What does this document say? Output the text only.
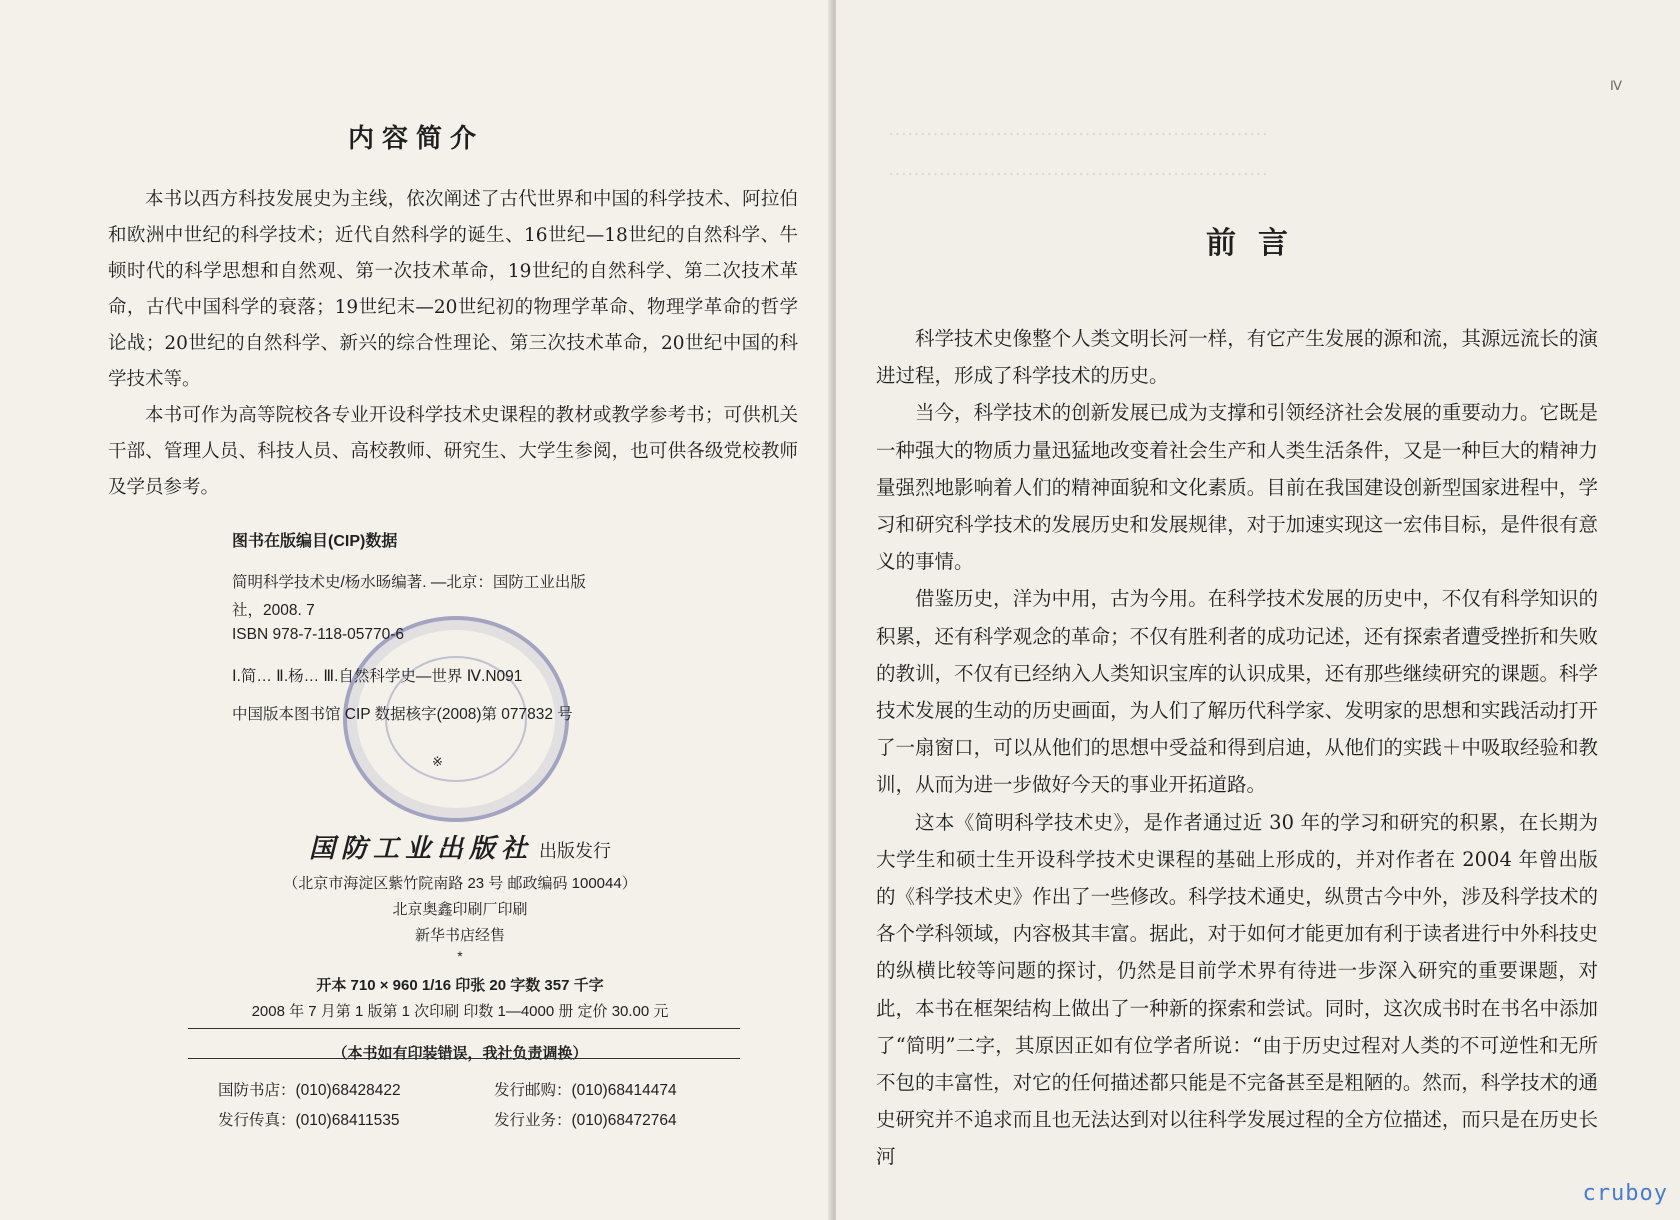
内容简介

本书以西方科技发展史为主线，依次阐述了古代世界和中国的科学技术、阿拉伯和欧洲中世纪的科学技术；近代自然科学的诞生、16世纪—18世纪的自然科学、牛顿时代的科学思想和自然观、第一次技术革命，19世纪的自然科学、第二次技术革命，古代中国科学的衰落；19世纪末—20世纪初的物理学革命、物理学革命的哲学论战；20世纪的自然科学、新兴的综合性理论、第三次技术革命，20世纪中国的科学技术等。

本书可作为高等院校各专业开设科学技术史课程的教材或教学参考书；可供机关干部、管理人员、科技人员、高校教师、研究生、大学生参阅，也可供各级党校教师及学员参考。

图书在版编目(CIP)数据
简明科学技术史/杨水旸编著. —北京：国防工业出版
社，2008. 7
ISBN 978-7-118-05770-6
Ⅰ.简… Ⅱ.杨… Ⅲ.自然科学史—世界 Ⅳ.N091
中国版本图书馆 CIP 数据核字(2008)第 077832 号
※
国防工业出版社 出版发行
（北京市海淀区紫竹院南路 23 号 邮政编码 100044）
北京奥鑫印刷厂印刷
新华书店经售
*
开本 710 × 960 1/16 印张 20 字数 357 千字
2008 年 7 月第 1 版第 1 次印刷 印数 1—4000 册 定价 30.00 元
（本书如有印装错误，我社负责调换）
国防书店：(010)68428422	发行邮购：(010)68414474
发行传真：(010)68411535	发行业务：(010)68472764
……………………………………………………
……………………………………………………
Ⅳ
前言

科学技术史像整个人类文明长河一样，有它产生发展的源和流，其源远流长的演进过程，形成了科学技术的历史。

当今，科学技术的创新发展已成为支撑和引领经济社会发展的重要动力。它既是一种强大的物质力量迅猛地改变着社会生产和人类生活条件，又是一种巨大的精神力量强烈地影响着人们的精神面貌和文化素质。目前在我国建设创新型国家进程中，学习和研究科学技术的发展历史和发展规律，对于加速实现这一宏伟目标，是件很有意义的事情。

借鉴历史，洋为中用，古为今用。在科学技术发展的历史中，不仅有科学知识的积累，还有科学观念的革命；不仅有胜利者的成功记述，还有探索者遭受挫折和失败的教训，不仅有已经纳入人类知识宝库的认识成果，还有那些继续研究的课题。科学技术发展的生动的历史画面，为人们了解历代科学家、发明家的思想和实践活动打开了一扇窗口，可以从他们的思想中受益和得到启迪，从他们的实践＋中吸取经验和教训，从而为进一步做好今天的事业开拓道路。

这本《简明科学技术史》，是作者通过近 30 年的学习和研究的积累，在长期为大学生和硕士生开设科学技术史课程的基础上形成的，并对作者在 2004 年曾出版的《科学技术史》作出了一些修改。科学技术通史，纵贯古今中外，涉及科学技术的各个学科领域，内容极其丰富。据此，对于如何才能更加有利于读者进行中外科技史的纵横比较等问题的探讨，仍然是目前学术界有待进一步深入研究的重要课题，对此，本书在框架结构上做出了一种新的探索和尝试。同时，这次成书时在书名中添加了“简明”二字，其原因正如有位学者所说：“由于历史过程对人类的不可逆性和无所不包的丰富性，对它的任何描述都只能是不完备甚至是粗陋的。然而，科学技术的通史研究并不追求而且也无法达到对以往科学发展过程的全方位描述，而只是在历史长河

cruboy
